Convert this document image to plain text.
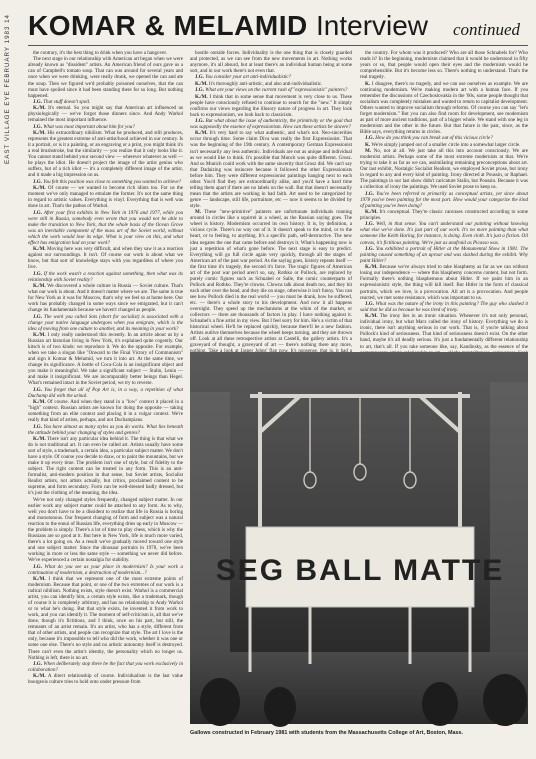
EAST VILLAGE EYE FEBRUARY 1983 14 KOMAR & MELAMID Interview continued

the contrary, it's the best thing to drink when you have a hangover.

The next stage in our relationship with American art began when we were already known as "dissident" artists. An American friend of ours gave us a can of Campbell's tomato soup. That can was around for several years and once when we were drinking, were really drunk, we opened the can and ate the soup. Then we figured we'd probably poisoned ourselves, that the can must have spoiled since it had been standing there for so long. But nothing happened.

J.G. That stuff doesn't spoil.

K./M. It's eternal. So you might say that American art influenced us physiologically — we've forgot those dinners since. And Andy Warhol remained the most important influence.

J.G. What was most important about him for you?

K./M. His extraordinary nihilism. What he produced, and still produces, represents the greatest extreme of anti-artist/hood achieved in our century. Is it a portrait, or is it a painting, or an engraving or a print, you might think it's a real brushstroke, but the similarity — you realize that it only looks like it. You cannot stand behind your second view — wherever whatever as well — he plays the idiot. He doesn't project the image of the artist genius who suffers, but of a rich idiot — it's a completely different image of the artist, and it made a big impression on us.

J.G. You felt this position was close to something you wanted to achieve?

K./M. Of course — we wanted to become rich idiots too. For us the moment we've only managed to emulate the former. It's not the same thing in regard to artistic values. Everything is vinyl. Everything that is well was done in art. That's the pathos of Warhol.

J.G. After your first exhibits in New York in 1976 and 1977, while you were still in Russia, somebody even wrote that you would not be able to make the transition to New York, that the whole basis of the Ocean Grove was an inevitable component of the mass art of the Soviet world, without which the work would lose its edge. What is your view on this, and what effect has emigration had on your work?

K./M. Moving here was very difficult, and when they saw it as a reaction against our surroundings. It isn't. Of course our work is about what we know, but that sort of knowledge stays with you regardless of where you live.

J.G. If the work wasn't a reaction against something, then what was its relationship with Soviet reality?

K./M. We discovered a whole culture in Russia — Soviet culture. That's what our work is about. And it doesn't matter where we are. The same is true for New York as it was for Moscow, that's why we feel so at home here. Our work has probably changed in some ways since we emigrated, but it can't change its fundamentals because we haven't changed as people.

J.G. The work you called Sots (short for socialist) is associated with a change your native language undergoes when you emigrate, which is the idea of moving from one culture to another, and its meaning in your work?

K./M. I only really understood this recently. In an article about us by a Russian art historian living in New York, it's explained quite cogently. Our kitsch is of two kinds: we reproduce it. We do the opposite. For example, when we take a slogan like "Onward to the Final Victory of Communism" and sign it Komar & Melamid, we turn it into art. At the same time, we change its significance. A bottle of Coca-Cola is an insignificant object and you make it meaningful. We take a significant subject — Stalin, Lenin — and make it insignificant. We are incomparably better beings than Hegel. What's remained intact in the Soviet period, we try to reverse.

J.G. You forget that all of Pop Art is, in a way, a repetition of what Duchamp did with the urinal.

K./M. Of course. And when they stand in a "low" context it placed in a "high" context. Russian artists are known for doing the opposite — taking something from an elite context and placing it in a vulgar context. We're really that kind of artists, perhaps, and not Duchampians.

J.G. You have almost as many styles as you do works. What lies beneath the attitude behind your changing of styles and genres?

K./M. There isn't any particular idea behind it. The thing is that what we do is not traditional art. It can even be called art. Artists usually have some sort of style, a trademark, a certain idea, a particular subject matter. We don't have a style. Of course you decide to draw, or to paint the mountains, but we make it up every time. The problem isn't one of style, but of fidelity to the subject. The right content can be treated in any form. This is an anti-formalist, anti-modern position in that sense, but Soviet artists, Socialist Realist artists, not artists actually, but critics, proclaimed content to be supreme, and form secondary. Form can be well-dressed badly dressed, but it's just the clothing of the meaning, the idea.

We've not only changed styles frequently, changed subject matter. In our earlier work any subject matter could be attached to any form. As to why, well you don't have to be a dissident to realize that life in Russia is boring and monotonous. Our frequent changing of form and subject was a natural reaction to the ennui of Russian life, everything dries up early in Moscow — the problem is simply. There's a lot of time to play chess, which is why the Russians are so good at it. But here in New York, life is much more varied, there's a lot going on. As a result we've gradually moved toward one style and one subject matter. Since the dinosaur portraits in 1978, we've been working in more or less the same style — something we never did before. We've experienced a certain nostalgia for stability.

J.G. What do you see as your place in modernism? Is your work a continuation of modernism, a destruction of modernism...?

K./M. I think that we represent one of the most extreme points of modernism. Because that point, or one of the two extremes of our work is a radical nihilism. Nothing exists, style doesn't exist. Warhol is a commercial artist, you can identify him, a certain style exists, like a trademark, though of course it is completely arbitrary, and has no relationship to Andy Warhol or to what he's doing. But that style exists, he invented it from work to work, and you can identify it. The moment of self-criticism is, all that we've done, though it's fictitious, and I think, once on his part, but still, the remnants of an artist remain. It's an artist, who has a style, different from that of other artists, and people can recognize that style. The art I love is the only, because it's impossible to tell who did the work, whether it was one or some one else. There's no style and no artistic autonomy itself is destroyed. There can't even the artist's identity, the personality which no longer us. Nothing is left, there is no art.

J.G. When deliberately stop there be the fact that you work exclusively in collaboration?

K./M. A direct relationship of course. Individualism is the last value bourgeois culture tries to hold onto under pressure from

hostile outside forces. Individuality is the one thing that is closely guarded and protected, as we can see from the new movements in art. Nothing works anymore, it's all absurd, but at least there's an individual human being at some sort, and in our work there's not even that.

J.G. You consider your art anti-individualistic?

K./M. It's thoroughly anti-artistic, and also anti-individualistic.

J.G. What are your views on the current rash of "expressionistic" painters?

K./M. I think that in some sense that movement is very close to us. These people have consciously refused to continue to search for the "new." It simply confirms our views regarding the illusory nature of progress in art. They look back to expressionism, we look back to classicism.

J.G. But what about the issue of authenticity, the primitivity or the goal that was supposedly the essence of expressionism. How can these artists be sincere?

K./M. It's very hard to say what authentic, and what's not. Neo-sincerities occur through time. Some claim Diva was really the first Expressionist. That was the beginning of the 19th century. A contemporary German Expressionist isn't necessarily any less authentic. Individuals are not as unique and individual as we would like to think. It's possible that Munch was quite different. Grosz. And so Munich could work with the same sincerity that Grosz did. We can't say that Dadaizing was insincere because it followed the other Expressionists before him. They were different expressionist paintings hanging next to each other. You'd find they are extraordinarily alike, and you'd have a hard time telling them apart if there are no labels on the wall. But that doesn't necessarily mean that the artists are working in bad faith. Art used to be categorized by genre — landscape, still life, portraiture, etc — now it seems to be divided by style.

M. These "new-primitive" painters are unfortunate individuals running around in circles like a squirrel in a wheel, as the Russian saying goes. The wheel is history. Modernism occurred its own history. It is, by definition, a vicious cycle. There's no way out of it. It doesn't speak to the mind, or to the heart, or to feeling, to anything. It's a specific path, self-destructive. The new idea negates the one that came before and destroys it. What's happening now is just a repetition of what's gone before. The next stage is easy to predict. Everything will go full circle again very quickly, through all the stages of American art of the past war period. As the saying goes, history repeats itself — the first time it's tragedy, the second it's farce. The tragic figures of American art of the post war period aren't so, say, Rothko or Pollock, are replaced by purely comic figures such as Schnabel or Salle, the comic counterparts of Pollock and Rothko. They're clowns. Clowns talk about death too, and they hit each other over the head, and they die on stage, otherwise it isn't funny. You can see how Pollock died in the real world — you must he drank, how he suffered, etc. — there's a whole story to his development. And now it all happens overnight. They speed up the mechanisms at the whim of the market, or collectors — there are thousands of factors in play. I have nothing against it. Schnabel's a fine artist in my view. But I feel sorry for him. He's a victim of that historical wheel. He'll be replaced quickly, because there'll be a new fashion. Artists outlive themselves because the wheel keeps turning, and they are thrown off. Look at all these retrospective artists at Castelli, the gallery artists. It's a graveyard of thought, a graveyard of art — there's nothing there any more,

the country. For whom was it produced? Who are all those Schnabels for? Who reads it? In the beginning, modernism claimed that it would be understood in fifty years or so, that people would open their eyes and the modernism would be comprehensible. But it's become less so. There's nothing to understand. That's the real tragedy.

K. I disagree, there's no tragedy, and we can use ourselves as example. We are continuing modernism. We're making modern art with a human face. If you remember the discussions of Czechoslovakia in the '60s, some people thought that socialism was completely mistaken and wanted to return to capitalist development. Others wanted to improve socialism through reforms. Of course you can say "let's forget modernism." But you can also find room for development, see modernism as part of more ancient traditions, part of a bigger whole. We stand with one leg in modernism and the other in the future. But that future is the past, since, as the Bible says, everything returns in circles.

J.G. How do you think you can break out of this vicious circle?

K. We're simply jumped out of a smaller circle into a somewhat larger circle.

M. No, not at all. We just take all this into account consciously. We are modernist artists. Perhaps some of the most extreme modernists at that. We're trying to take it as far as we can, assimilating remaining preconceptions about art. Our last exhibit, Nostalgic Socialist Realism, we employed Soviet prose, but irony in regard to any and every kind of painting. Irony directed at Poussin, or Raphael. The paintings in our last show didn't caricature Stalin, but Poussin. Because it was a collection of irony the paintings. We used Soviet prose to keep us.

J.G. You've been referred to primarily as conceptual artists, yet since about 1978 you've been painting for the most part. How would your categorize the kind of painting you've been doing?

K./M. It's conceptual. They're classic canvases constructed according to some principles.

J.G. Well, in that sense. You can't understand our painting without knowing what else we've done. It's just part of our work. It's no more painting than what someone like Keith Haring, for instance, is doing. Even cloth. It's just a fiction. Oil canvas, it's fictitious painting. We're just as unafraid as Picasso was.

J.G. You exhibited a portrait of Hitler at the Monumental Show in 1981. The painting caused something of an uproar and was slashed during the exhibit. Why paint Hitler?

K./M. Because we've always tried to take blasphemy as far as we can without losing our independence — where this blasphemy concerns content, but not form. Formally there's nothing blasphemous about Hitler. If we paint him in an expressionistic style, the thing will kill itself. But Hitler in the form of classical portraits, which we love, is a provocation. All art is a provocation. And people reacted, we met some resistance, which was important to us.

J.G. What was the nature of the irony in this painting? The guy who slashed it said that he did so because he was tired of irony.

K./M. The irony lies in an ironic situation. Whenever it's not only personal, individual irony, but what Marx called the irony of history. Everything we do is ironic, there isn't anything serious in our work. That is, if you're talking about Pollock's kind of seriousness. That kind of seriousness doesn't exist. On the other hand, maybe it's all deadly serious. It's just a fundamentally different relationship to art, that's all. If you take someone like, say, Kandinsky, as the essence of the

SEG BALL MATTE
Gallows constructed in February 1981 with students from the Massachusetts College of Art, Boston, Mass.
